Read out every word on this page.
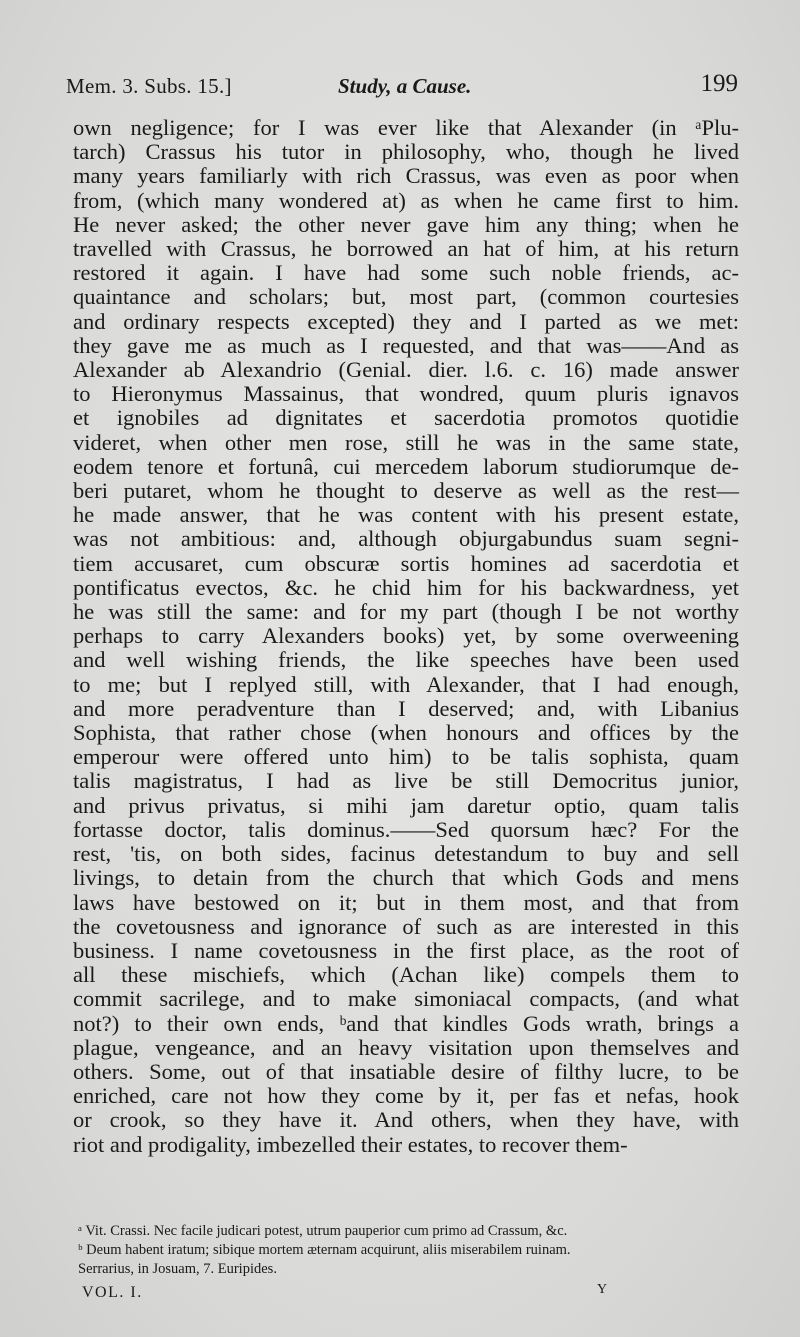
Mem. 3. Subs. 15.]	Study, a Cause.	199
own negligence; for I was ever like that Alexander (in ᵃPlu-
tarch) Crassus his tutor in philosophy, who, though he lived
many years familiarly with rich Crassus, was even as poor when
from, (which many wondered at) as when he came first to him.
He never asked; the other never gave him any thing; when he
travelled with Crassus, he borrowed an hat of him, at his return
restored it again. I have had some such noble friends, ac-
quaintance and scholars; but, most part, (common courtesies
and ordinary respects excepted) they and I parted as we met:
they gave me as much as I requested, and that was——And as
Alexander ab Alexandrio (Genial. dier. l.6. c. 16) made answer
to Hieronymus Massainus, that wondred, quum pluris ignavos
et ignobiles ad dignitates et sacerdotia promotos quotidie
videret, when other men rose, still he was in the same state,
eodem tenore et fortunâ, cui mercedem laborum studiorumque de-
beri putaret, whom he thought to deserve as well as the rest—
he made answer, that he was content with his present estate,
was not ambitious: and, although objurgabundus suam segni-
tiem accusaret, cum obscuræ sortis homines ad sacerdotia et
pontificatus evectos, &c. he chid him for his backwardness, yet
he was still the same: and for my part (though I be not worthy
perhaps to carry Alexanders books) yet, by some overweening
and well wishing friends, the like speeches have been used
to me; but I replyed still, with Alexander, that I had enough,
and more peradventure than I deserved; and, with Libanius
Sophista, that rather chose (when honours and offices by the
emperour were offered unto him) to be talis sophista, quam
talis magistratus, I had as live be still Democritus junior,
and privus privatus, si mihi jam daretur optio, quam talis
fortasse doctor, talis dominus.——Sed quorsum hæc? For the
rest, 'tis, on both sides, facinus detestandum to buy and sell
livings, to detain from the church that which Gods and mens
laws have bestowed on it; but in them most, and that from
the covetousness and ignorance of such as are interested in this
business. I name covetousness in the first place, as the root of
all these mischiefs, which (Achan like) compels them to
commit sacrilege, and to make simoniacal compacts, (and what
not?) to their own ends, ᵇand that kindles Gods wrath, brings a
plague, vengeance, and an heavy visitation upon themselves and
others. Some, out of that insatiable desire of filthy lucre, to be
enriched, care not how they come by it, per fas et nefas, hook
or crook, so they have it. And others, when they have, with
riot and prodigality, imbezelled their estates, to recover them-
ᵃ Vit. Crassi. Nec facile judicari potest, utrum pauperior cum primo ad Crassum, &c.
ᵇ Deum habent iratum; sibique mortem æternam acquirunt, aliis miserabilem ruinam.
Serrarius, in Josuam, 7. Euripides.
VOL. I.	Y
